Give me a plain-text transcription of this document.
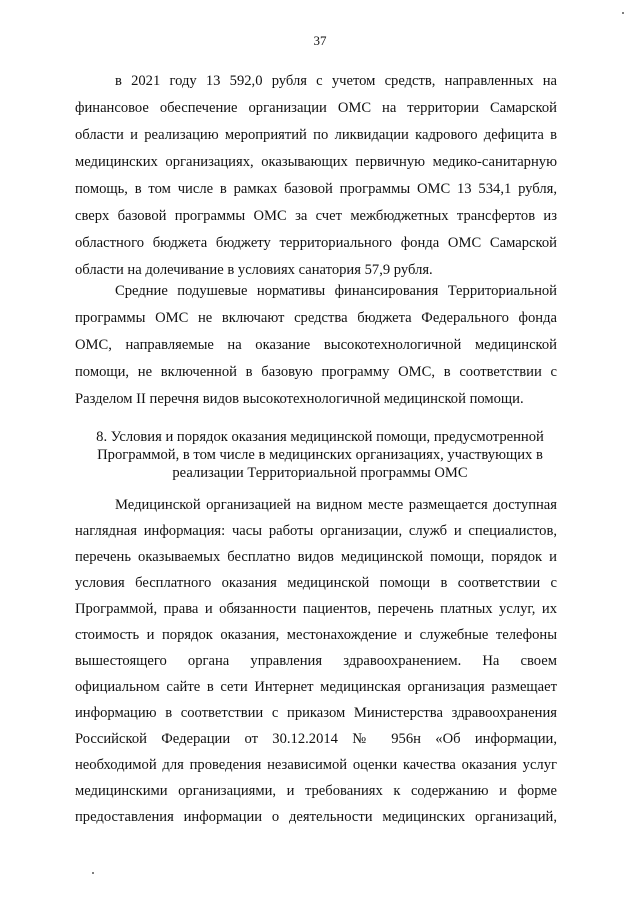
37
в 2021 году 13 592,0 рубля с учетом средств, направленных на
финансовое обеспечение организации ОМС на территории Самарской
области и реализацию мероприятий по ликвидации кадрового дефицита в
медицинских организациях, оказывающих первичную медико-санитарную
помощь, в том числе в рамках базовой программы ОМС 13 534,1 рубля,
сверх базовой программы ОМС за счет межбюджетных трансфертов из
областного бюджета бюджету территориального фонда ОМС Самарской
области на долечивание в условиях санатория 57,9 рубля.
Средние подушевые нормативы финансирования Территориальной
программы ОМС не включают средства бюджета Федерального фонда
ОМС, направляемые на оказание высокотехнологичной медицинской
помощи, не включенной в базовую программу ОМС, в соответствии с
Разделом II перечня видов высокотехнологичной медицинской помощи.
8. Условия и порядок оказания медицинской помощи, предусмотренной
Программой, в том числе в медицинских организациях, участвующих в
реализации Территориальной программы ОМС
Медицинской организацией на видном месте размещается доступная
наглядная информация: часы работы организации, служб и специалистов,
перечень оказываемых бесплатно видов медицинской помощи, порядок и
условия бесплатного оказания медицинской помощи в соответствии с
Программой, права и обязанности пациентов, перечень платных услуг, их
стоимость и порядок оказания, местонахождение и служебные телефоны
вышестоящего органа управления здравоохранением. На своем
официальном сайте в сети Интернет медицинская организация размещает
информацию в соответствии с приказом Министерства здравоохранения
Российской Федерации от 30.12.2014 № 956н «Об информации,
необходимой для проведения независимой оценки качества оказания услуг
медицинскими организациями, и требованиях к содержанию и форме
предоставления информации о деятельности медицинских организаций,
